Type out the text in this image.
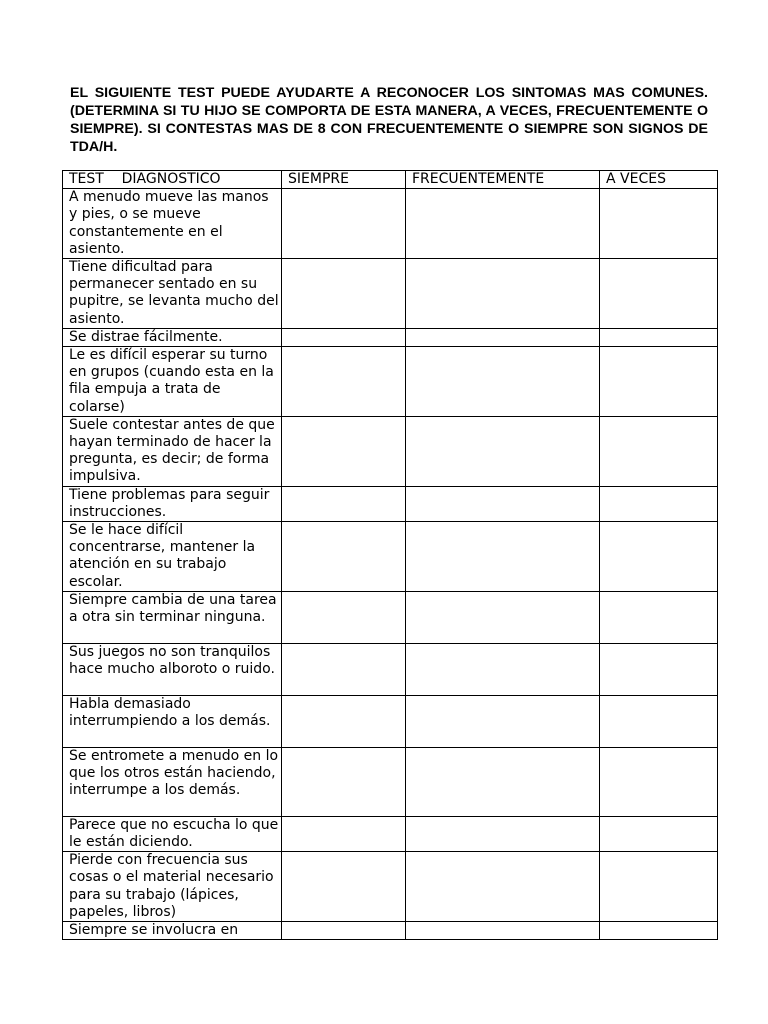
EL SIGUIENTE TEST PUEDE AYUDARTE A RECONOCER LOS SINTOMAS MAS COMUNES. (DETERMINA SI TU HIJO SE COMPORTA DE ESTA MANERA, A VECES, FRECUENTEMENTE O SIEMPRE). SI CONTESTAS MAS DE 8 CON FRECUENTEMENTE O SIEMPRE SON SIGNOS DE TDA/H.

TEST    DIAGNOSTICO	SIEMPRE	FRECUENTEMENTE	A VECES
A menudo mueve las manos y pies, o se mueve constantemente en el asiento.			
Tiene dificultad para permanecer sentado en su pupitre, se levanta mucho del asiento.			
Se distrae fácilmente.			
Le es difícil esperar su turno en grupos (cuando esta en la fila empuja a trata de colarse)			
Suele contestar antes de que hayan terminado de hacer la pregunta, es decir; de forma impulsiva.			
Tiene problemas para seguir instrucciones.			
Se le hace difícil concentrarse, mantener la atención en su trabajo escolar.			
Siempre cambia de una tarea a otra sin terminar ninguna.			
Sus juegos no son tranquilos hace mucho alboroto o ruido.			
Habla demasiado interrumpiendo a los demás.			
Se entromete a menudo en lo que los otros están haciendo, interrumpe a los demás.			
Parece que no escucha lo que le están diciendo.			
Pierde con frecuencia sus cosas o el material necesario para su trabajo (lápices, papeles, libros)			
Siempre se involucra en			
